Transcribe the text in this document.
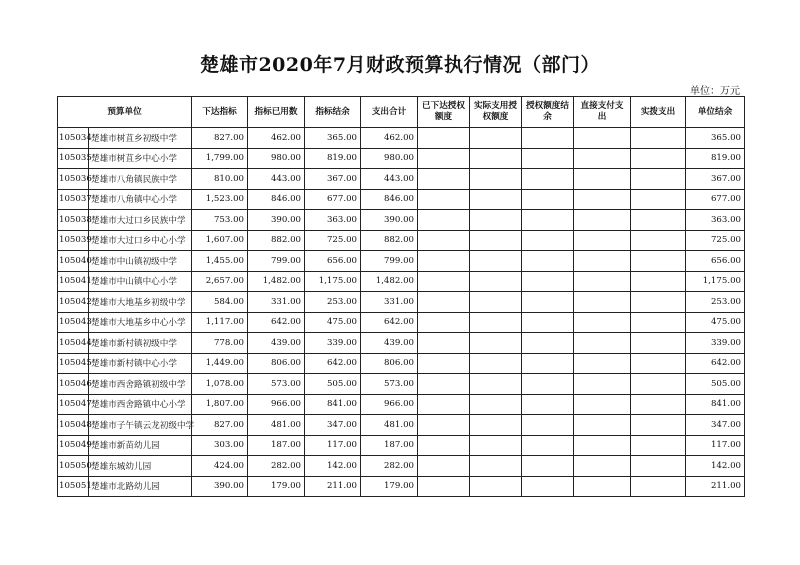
楚雄市2020年7月财政预算执行情况（部门）
单位：万元
预算单位		下达指标	指标已用数	指标结余	支出合计	已下达授权额度	实际支用授权额度	授权额度结余	直接支付支出	实拨支出	单位结余
105034	楚雄市树苴乡初级中学	827.00	462.00	365.00	462.00						365.00
105035	楚雄市树苴乡中心小学	1,799.00	980.00	819.00	980.00						819.00
105036	楚雄市八角镇民族中学	810.00	443.00	367.00	443.00						367.00
105037	楚雄市八角镇中心小学	1,523.00	846.00	677.00	846.00						677.00
105038	楚雄市大过口乡民族中学	753.00	390.00	363.00	390.00						363.00
105039	楚雄市大过口乡中心小学	1,607.00	882.00	725.00	882.00						725.00
105040	楚雄市中山镇初级中学	1,455.00	799.00	656.00	799.00						656.00
105041	楚雄市中山镇中心小学	2,657.00	1,482.00	1,175.00	1,482.00						1,175.00
105042	楚雄市大地基乡初级中学	584.00	331.00	253.00	331.00						253.00
105043	楚雄市大地基乡中心小学	1,117.00	642.00	475.00	642.00						475.00
105044	楚雄市新村镇初级中学	778.00	439.00	339.00	439.00						339.00
105045	楚雄市新村镇中心小学	1,449.00	806.00	642.00	806.00						642.00
105046	楚雄市西舍路镇初级中学	1,078.00	573.00	505.00	573.00						505.00
105047	楚雄市西舍路镇中心小学	1,807.00	966.00	841.00	966.00						841.00
105048	楚雄市子午镇云龙初级中学	827.00	481.00	347.00	481.00						347.00
105049	楚雄市新苗幼儿园	303.00	187.00	117.00	187.00						117.00
105050	楚雄东城幼儿园	424.00	282.00	142.00	282.00						142.00
105051	楚雄市北路幼儿园	390.00	179.00	211.00	179.00						211.00
